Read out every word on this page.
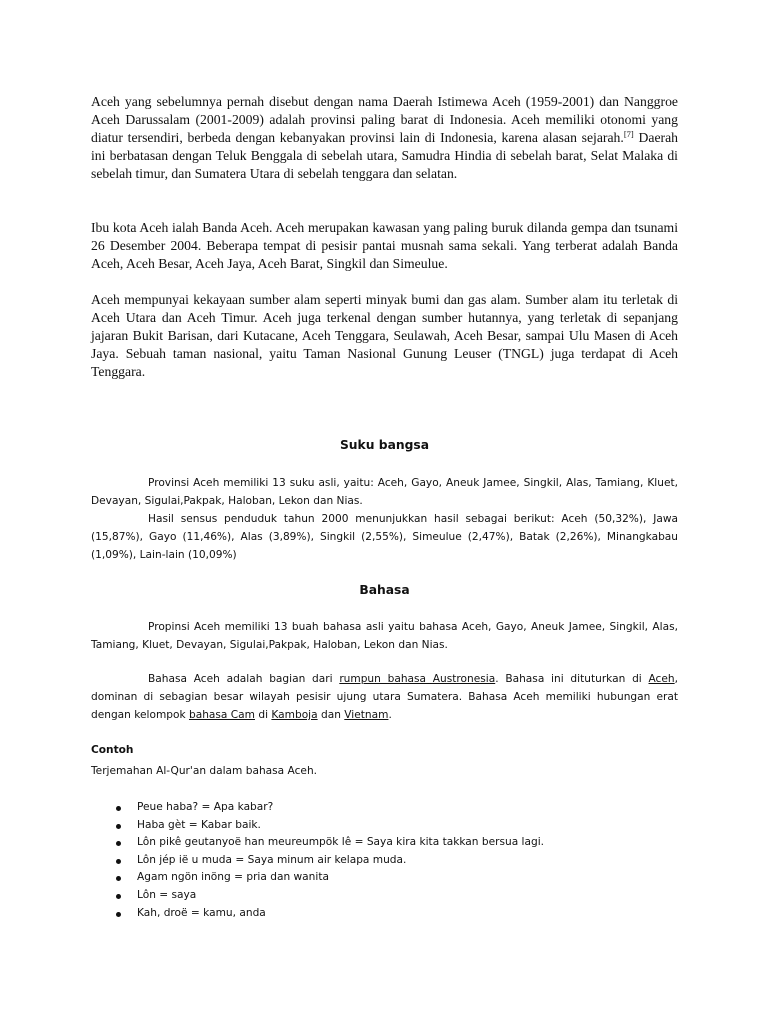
Aceh yang sebelumnya pernah disebut dengan nama Daerah Istimewa Aceh (1959-2001) dan Nanggroe Aceh Darussalam (2001-2009) adalah provinsi paling barat di Indonesia. Aceh memiliki otonomi yang diatur tersendiri, berbeda dengan kebanyakan provinsi lain di Indonesia, karena alasan sejarah.[7] Daerah ini berbatasan dengan Teluk Benggala di sebelah utara, Samudra Hindia di sebelah barat, Selat Malaka di sebelah timur, dan Sumatera Utara di sebelah tenggara dan selatan.

Ibu kota Aceh ialah Banda Aceh. Aceh merupakan kawasan yang paling buruk dilanda gempa dan tsunami 26 Desember 2004. Beberapa tempat di pesisir pantai musnah sama sekali. Yang terberat adalah Banda Aceh, Aceh Besar, Aceh Jaya, Aceh Barat, Singkil dan Simeulue.

Aceh mempunyai kekayaan sumber alam seperti minyak bumi dan gas alam. Sumber alam itu terletak di Aceh Utara dan Aceh Timur. Aceh juga terkenal dengan sumber hutannya, yang terletak di sepanjang jajaran Bukit Barisan, dari Kutacane, Aceh Tenggara, Seulawah, Aceh Besar, sampai Ulu Masen di Aceh Jaya. Sebuah taman nasional, yaitu Taman Nasional Gunung Leuser (TNGL) juga terdapat di Aceh Tenggara.

Suku bangsa

Provinsi Aceh memiliki 13 suku asli, yaitu: Aceh, Gayo, Aneuk Jamee, Singkil, Alas, Tamiang, Kluet, Devayan, Sigulai,Pakpak, Haloban, Lekon dan Nias.

Hasil sensus penduduk tahun 2000 menunjukkan hasil sebagai berikut: Aceh (50,32%), Jawa (15,87%), Gayo (11,46%), Alas (3,89%), Singkil (2,55%), Simeulue (2,47%), Batak (2,26%), Minangkabau (1,09%), Lain-lain (10,09%)

Bahasa

Propinsi Aceh memiliki 13 buah bahasa asli yaitu bahasa Aceh, Gayo, Aneuk Jamee, Singkil, Alas, Tamiang, Kluet, Devayan, Sigulai,Pakpak, Haloban, Lekon dan Nias.

Bahasa Aceh adalah bagian dari rumpun bahasa Austronesia. Bahasa ini dituturkan di Aceh, dominan di sebagian besar wilayah pesisir ujung utara Sumatera. Bahasa Aceh memiliki hubungan erat dengan kelompok bahasa Cam di Kamboja dan Vietnam.

Contoh

Terjemahan Al-Qur'an dalam bahasa Aceh.

Peue haba? = Apa kabar?
Haba gèt = Kabar baik.
Lôn pikê geutanyoë han meureumpök lê = Saya kira kita takkan bersua lagi.
Lôn jép ië u muda = Saya minum air kelapa muda.
Agam ngön inöng = pria dan wanita
Lôn = saya
Kah, droë = kamu, anda
